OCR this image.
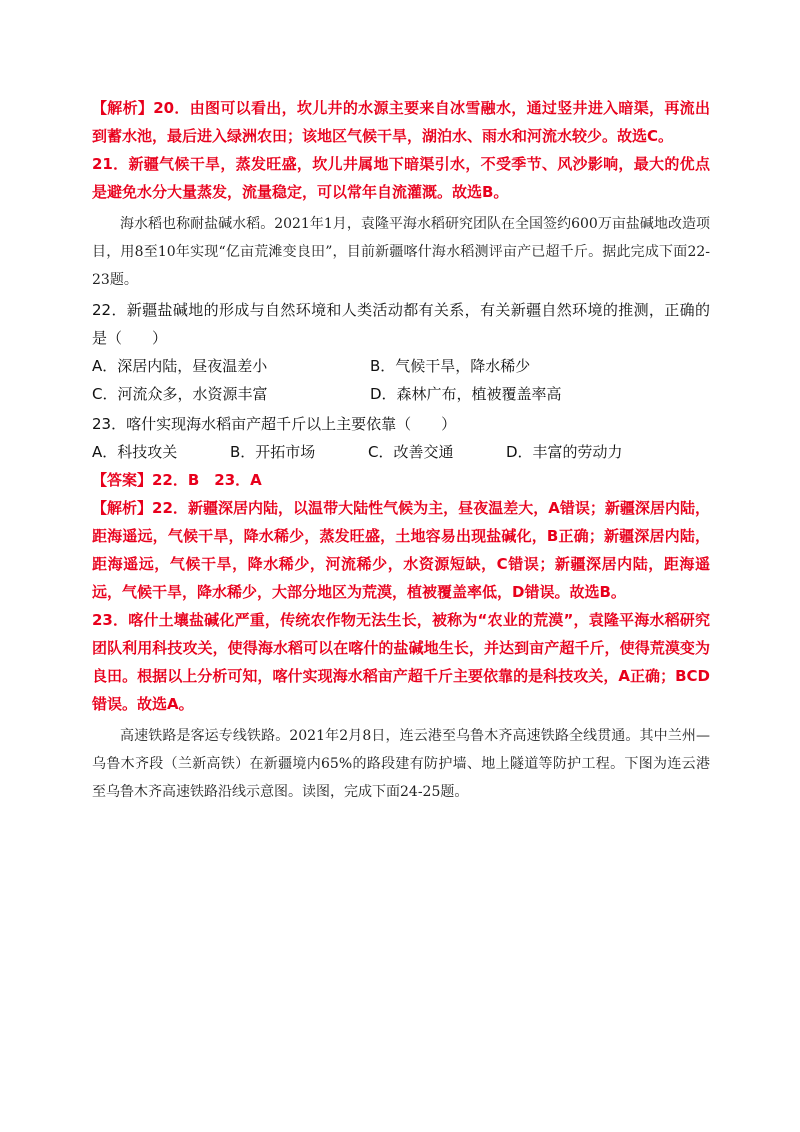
【解析】20．由图可以看出，坎儿井的水源主要来自冰雪融水，通过竖井进入暗渠，再流出到蓄水池，最后进入绿洲农田；该地区气候干旱，湖泊水、雨水和河流水较少。故选C。

21．新疆气候干旱，蒸发旺盛，坎儿井属地下暗渠引水，不受季节、风沙影响，最大的优点是避免水分大量蒸发，流量稳定，可以常年自流灌溉。故选B。

海水稻也称耐盐碱水稻。2021年1月，袁隆平海水稻研究团队在全国签约600万亩盐碱地改造项目，用8至10年实现“亿亩荒滩变良田”，目前新疆喀什海水稻测评亩产已超千斤。据此完成下面22-23题。

22．新疆盐碱地的形成与自然环境和人类活动都有关系，有关新疆自然环境的推测，正确的是（　　）

A．深居内陆，昼夜温差小	B．气候干旱，降水稀少
C．河流众多，水资源丰富	D．森林广布，植被覆盖率高

23．喀什实现海水稻亩产超千斤以上主要依靠（　　）

A．科技攻关	B．开拓市场	C．改善交通	D．丰富的劳动力

【答案】22．B　23．A

【解析】22．新疆深居内陆，以温带大陆性气候为主，昼夜温差大，A错误；新疆深居内陆，距海遥远，气候干旱，降水稀少，蒸发旺盛，土地容易出现盐碱化，B正确；新疆深居内陆，距海遥远，气候干旱，降水稀少，河流稀少，水资源短缺，C错误；新疆深居内陆，距海遥远，气候干旱，降水稀少，大部分地区为荒漠，植被覆盖率低，D错误。故选B。

23．喀什土壤盐碱化严重，传统农作物无法生长，被称为“农业的荒漠”，袁隆平海水稻研究团队利用科技攻关，使得海水稻可以在喀什的盐碱地生长，并达到亩产超千斤，使得荒漠变为良田。根据以上分析可知，喀什实现海水稻亩产超千斤主要依靠的是科技攻关，A正确；BCD错误。故选A。

高速铁路是客运专线铁路。2021年2月8日，连云港至乌鲁木齐高速铁路全线贯通。其中兰州—乌鲁木齐段（兰新高铁）在新疆境内65%的路段建有防护墙、地上隧道等防护工程。下图为连云港至乌鲁木齐高速铁路沿线示意图。读图，完成下面24-25题。
